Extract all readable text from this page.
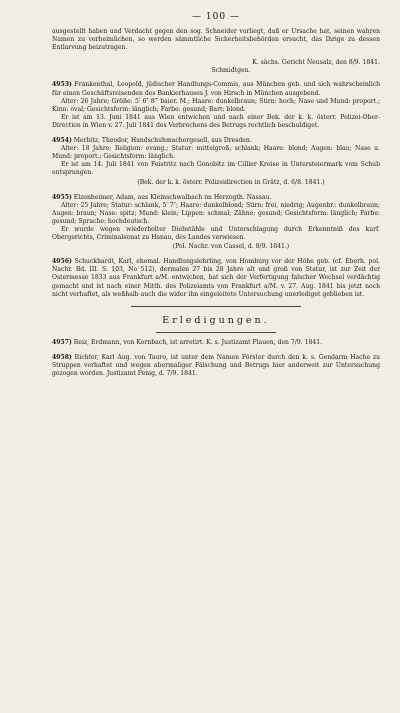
— 100 —

ausgestellt haben und Verdacht gegen den sog. Schneider vorliegt, daß er Ursache hat, seinen wahren Namen zu verheimlichen, so werden sämmtliche Sicherheitsbehörden ersucht, das Ihrige zu dessen Entlarvung beizutragen.

K. sächs. Gericht Neusalz, den 8/9. 1841.

Schmidtgen.

4953) Frankenthal, Leopold, jüdischer Handlungs-Commis, aus München geb. und sich wahrscheinlich für einen Geschäftsreisenden des Bankierhauses J. von Hirsch in München ausgebend.

Alter: 26 Jahre; Größe: 5′ 6″ 8‴ baier. M.; Haare: dunkelbraun; Stirn: hoch; Nase und Mund: proport.; Kinn: oval; Gesichtsform: länglich; Farbe: gesund; Bart: blond.

Er ist am 13. Juni 1841 aus Wien entwichen und nach einer Bek. der k. k. österr. Polizei-Ober-Direction in Wien v. 27. Juli 1841 des Verbrechens des Betrugs rechtlich beschuldiget.

4954) Merbitz, Theodor, Handschuhmachergesell, aus Dresden.

Alter: 18 Jahre; Religion: evang.; Statur: mittelgroß, schlank; Haare: blond; Augen: blau; Nase u. Mund: proport.; Gesichtsform: länglich.

Er ist am 14. Juli 1841 von Feistritz nach Gonobitz im Cillier Kreise in Untersteiermark vom Schub entsprungen.

(Bek. der k. k. österr. Polizeidirection in Grätz, d. 6/8. 1841.)

4955) Elzenheimer, Adam, aus Kleinschwalbach im Herzogth. Nassau.

Alter: 25 Jahre; Statur: schlank, 5′ 7″; Haare: dunkelblond; Stirn: frei, niedrig; Augenbr.: dunkelbraun; Augen: braun; Nase: spitz; Mund: klein; Lippen: schmal; Zähne: gesund; Gesichtsform: länglich; Farbe: gesund; Sprache: hochdeutsch.

Er wurde wegen wiederholter Diebstähle und Unterschlagung durch Erkenntniß des kurf. Obergerichts, Criminalsenat zu Hanau, des Landes verwiesen.

(Pol. Nachr. von Cassel, d. 8/9. 1841.)

4956) Schuckhardt, Karl, ehemal. Handlungslehrling, von Homburg vor der Höhe geb. (cf. Eberh. pol. Nachr. Bd. III. S. 103, No 512), dermalen 27 bis 28 Jahre alt und groß von Statur, ist zur Zeit der Ostermesse 1833 aus Frankfurt a/M. entwichen, hat sich der Verfertigung falscher Wechsel verdächtig gemacht und ist nach einer Mitth. des Polizeiamts von Frankfurt a/M. v. 27. Aug. 1841 bis jetzt noch nicht verhaftet, als weßhalb auch die wider ihn eingeleitete Untersuchung unerlediget geblieben ist.

Erledigungen.

4957) Reiz, Erdmann, von Kornbach, ist arretirt. K. s. Justizamt Plauen, den 7/9. 1841.

4958) Richter, Karl Aug. von Tauro, ist unter dem Namen Förster durch den k. s. Gendarm Hache zu Struppen verhaftet und wegen abermaliger Fälschung und Betrugs hier anderweit zur Untersuchung gezogen worden. Justizamt Penig, d. 7/9. 1841.
